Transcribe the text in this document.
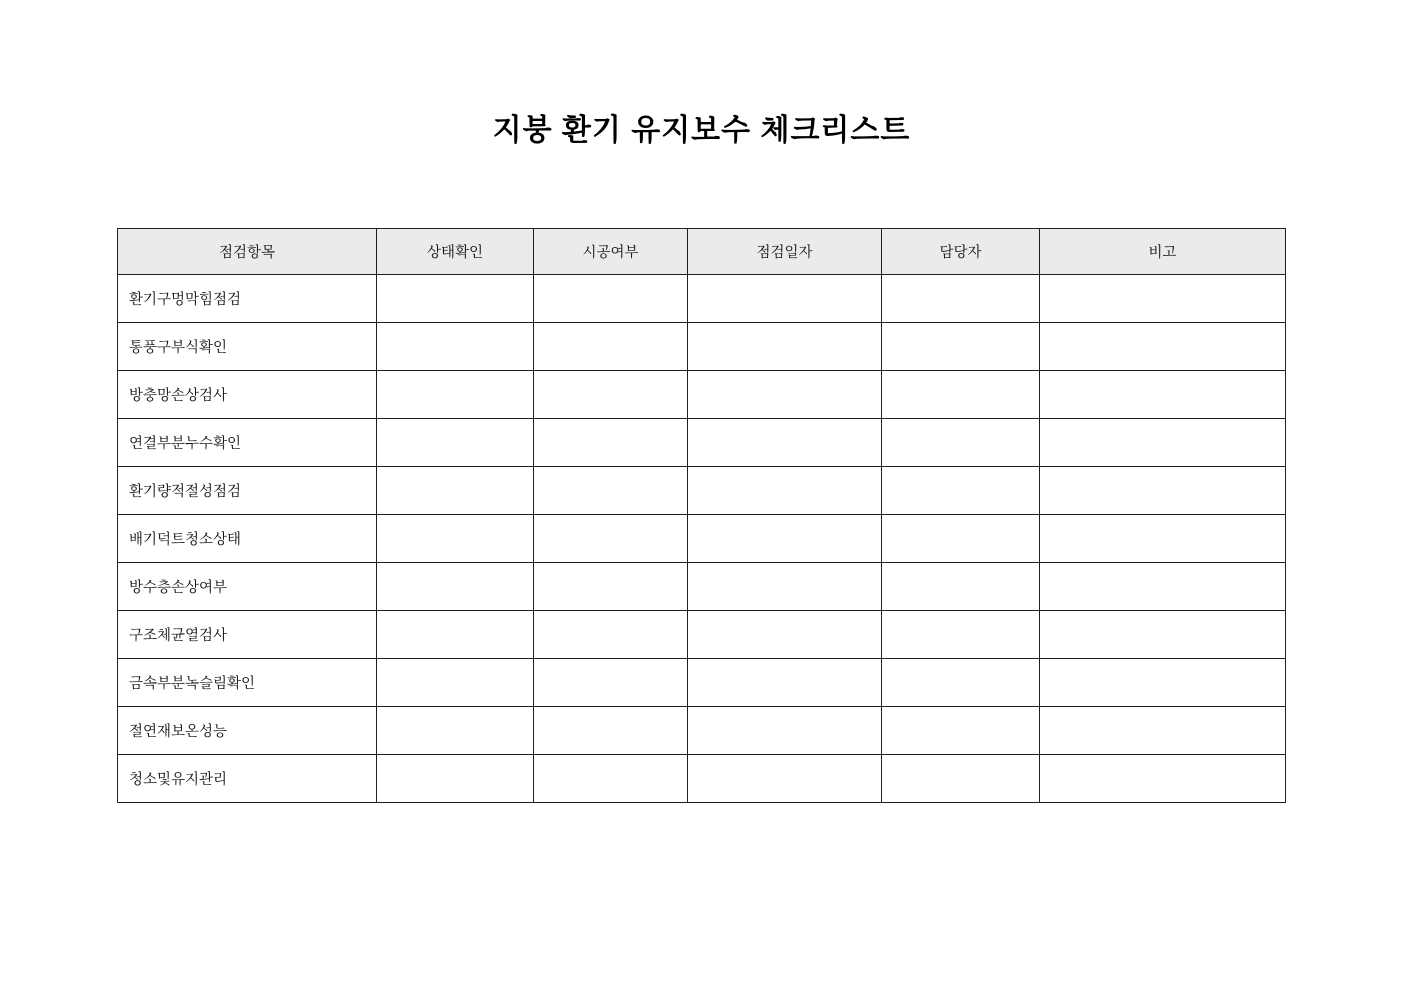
지붕 환기 유지보수 체크리스트
점검항목	상태확인	시공여부	점검일자	담당자	비고
환기구멍막힘점검					
통풍구부식확인					
방충망손상검사					
연결부분누수확인					
환기량적절성점검					
배기덕트청소상태					
방수층손상여부					
구조체균열검사					
금속부분녹슬림확인					
절연재보온성능					
청소및유지관리					
